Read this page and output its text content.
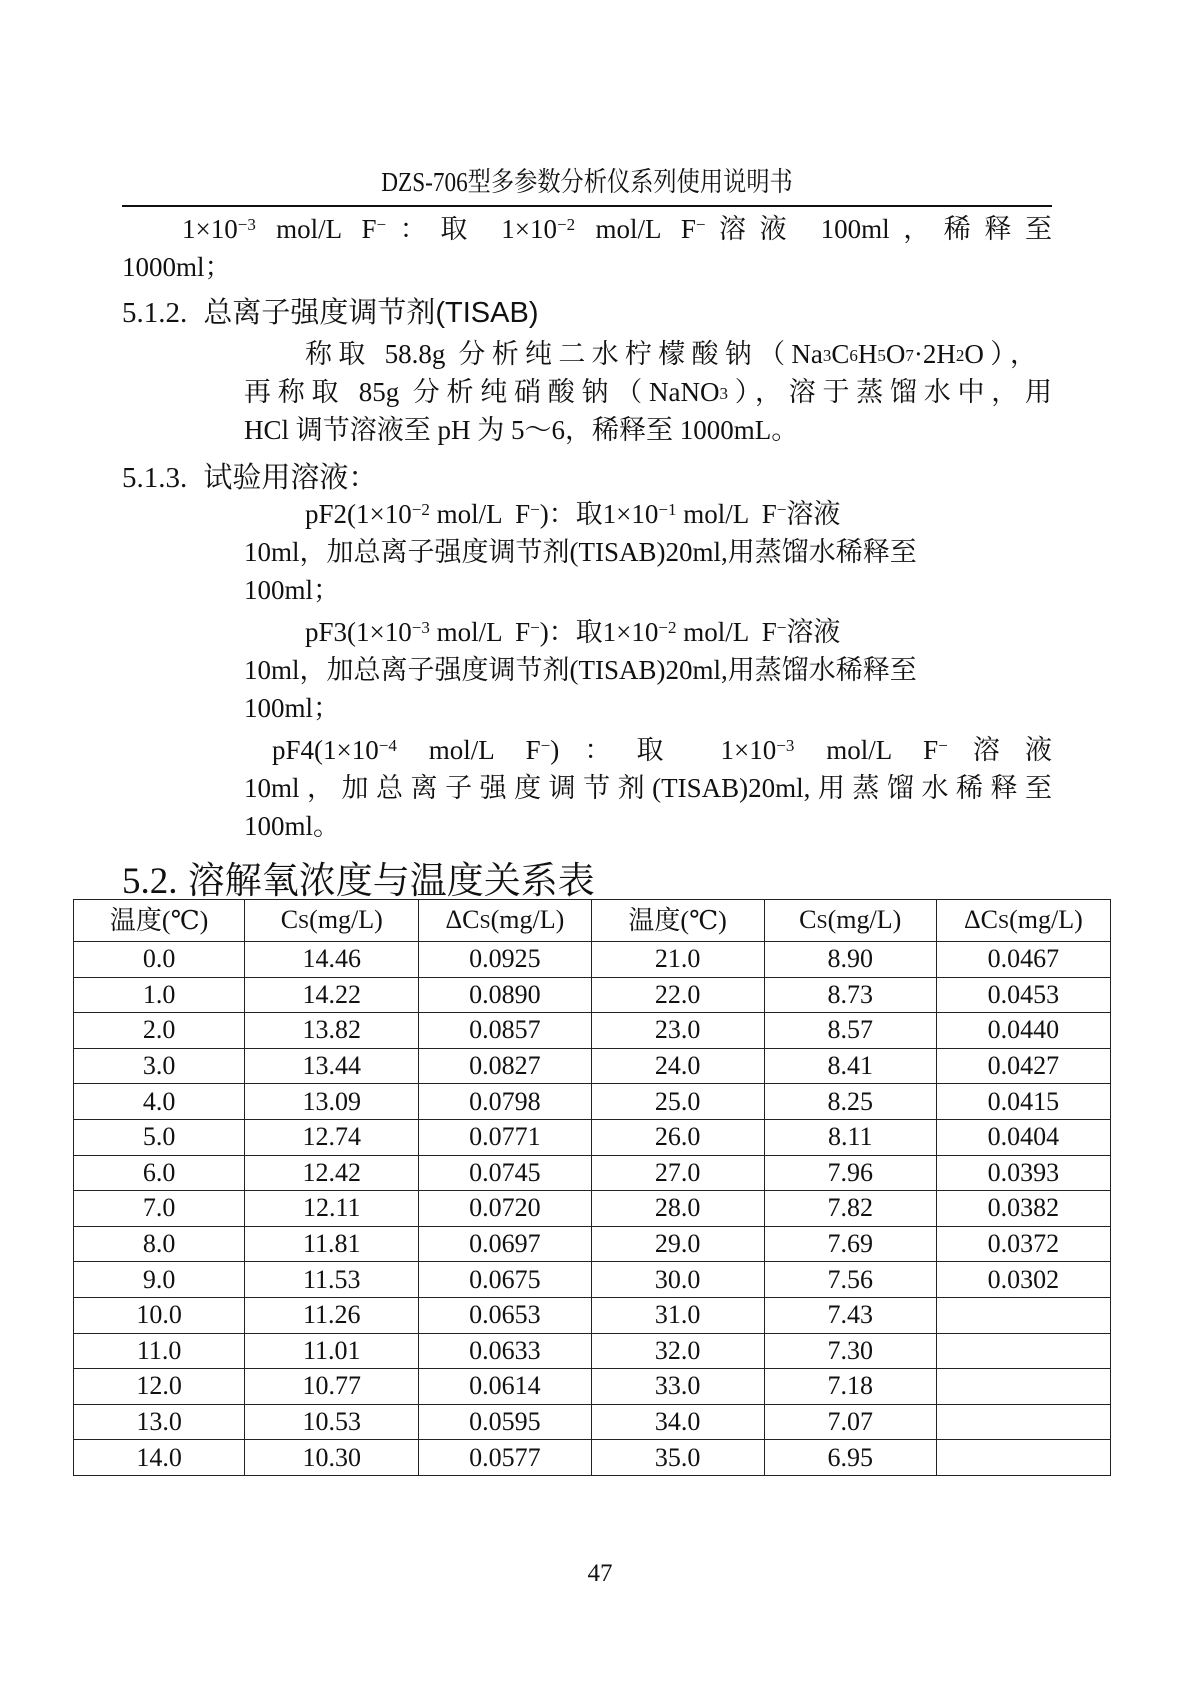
DZS-706型多参数分析仪系列使用说明书
$1\times 10^{-3}$ mol/L F−：取 $1\times 10^{-2}$ mol/L F−溶液 100ml，稀释至
1000ml；
5.1.2. 总离子强度调节剂(TISAB)
称取 58.8g 分析纯二水柠檬酸钠（Na3C6H5O7·2H2O），
再称取 85g 分析纯硝酸钠（NaNO3），溶于蒸馏水中，用
HCl 调节溶液至 pH 为 5～6，稀释至 1000mL。
5.1.3. 试验用溶液：
$pF2(1\times 10^{-2}$ mol/L  F−)：取$1\times 10^{-1}$ mol/L  F−溶液
10ml，加总离子强度调节剂(TISAB)20ml,用蒸馏水稀释至
100ml；
$pF3(1\times 10^{-3}$ mol/L  F−)：取$1\times 10^{-2}$ mol/L  F−溶液
10ml，加总离子强度调节剂(TISAB)20ml,用蒸馏水稀释至
100ml；
$pF4(1\times 10^{-4}$ mol/L F−)：取 $1\times 10^{-3}$ mol/L F−溶液
10ml，加总离子强度调节剂(TISAB)20ml,用蒸馏水稀释至
100ml。
5.2. 溶解氧浓度与温度关系表
温度(℃)	CS(mg/L)	ΔCS(mg/L)	温度(℃)	CS(mg/L)	ΔCS(mg/L)
0.0	14.46	0.0925	21.0	8.90	0.0467
1.0	14.22	0.0890	22.0	8.73	0.0453
2.0	13.82	0.0857	23.0	8.57	0.0440
3.0	13.44	0.0827	24.0	8.41	0.0427
4.0	13.09	0.0798	25.0	8.25	0.0415
5.0	12.74	0.0771	26.0	8.11	0.0404
6.0	12.42	0.0745	27.0	7.96	0.0393
7.0	12.11	0.0720	28.0	7.82	0.0382
8.0	11.81	0.0697	29.0	7.69	0.0372
9.0	11.53	0.0675	30.0	7.56	0.0302
10.0	11.26	0.0653	31.0	7.43	
11.0	11.01	0.0633	32.0	7.30	
12.0	10.77	0.0614	33.0	7.18	
13.0	10.53	0.0595	34.0	7.07	
14.0	10.30	0.0577	35.0	6.95	
47
